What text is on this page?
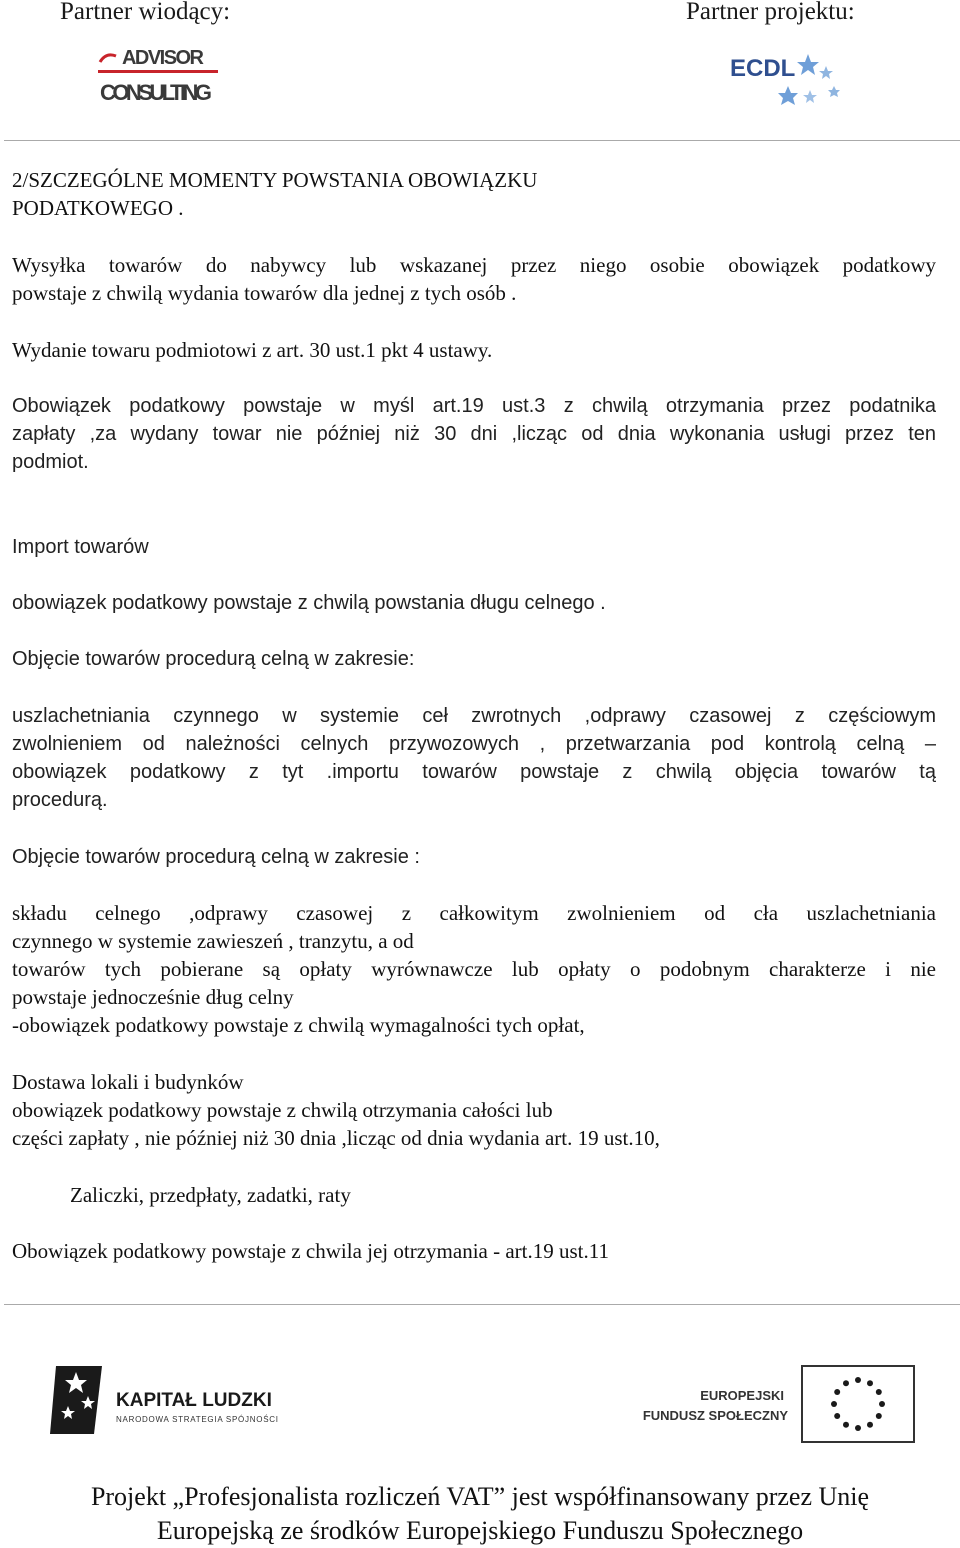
Partner wiodący:	Partner projektu:
ADVISOR
CONSULTING
ECDL
2/SZCZEGÓLNE MOMENTY POWSTANIA OBOWIĄZKU
PODATKOWEGO .
Wysyłka towarów do nabywcy lub wskazanej przez niego osobie obowiązek podatkowy
powstaje z chwilą wydania towarów dla jednej z tych osób .
Wydanie towaru podmiotowi z art. 30 ust.1 pkt 4 ustawy.
Obowiązek podatkowy powstaje w myśl art.19 ust.3 z chwilą otrzymania przez podatnika
zapłaty ,za wydany towar nie później niż 30 dni ,licząc od dnia wykonania usługi przez ten
podmiot.
Import towarów
obowiązek podatkowy powstaje z chwilą powstania długu celnego .
Objęcie towarów procedurą celną w zakresie:
uszlachetniania czynnego w systemie ceł zwrotnych ,odprawy czasowej z częściowym
zwolnieniem od należności celnych przywozowych , przetwarzania pod kontrolą celną –
obowiązek podatkowy z tyt .importu towarów powstaje z chwilą objęcia towarów tą
procedurą.
Objęcie towarów procedurą celną w zakresie :
składu celnego ,odprawy czasowej z całkowitym zwolnieniem od cła uszlachetniania
czynnego w systemie zawieszeń , tranzytu, a od
towarów tych pobierane są opłaty wyrównawcze lub opłaty o podobnym charakterze i nie
powstaje jednocześnie dług celny
-obowiązek podatkowy powstaje z chwilą wymagalności tych opłat,
Dostawa lokali i budynków
obowiązek podatkowy powstaje z chwilą otrzymania całości lub
części zapłaty , nie później niż 30 dnia ,licząc od dnia wydania art. 19 ust.10,
Zaliczki, przedpłaty, zadatki, raty
Obowiązek podatkowy powstaje z chwila jej otrzymania - art.19 ust.11
KAPITAŁ LUDZKI
NARODOWA STRATEGIA SPÓJNOŚCI
EUROPEJSKI
FUNDUSZ SPOŁECZNY
Projekt „Profesjonalista rozliczeń VAT” jest współfinansowany przez Unię
Europejską ze środków Europejskiego Funduszu Społecznego
